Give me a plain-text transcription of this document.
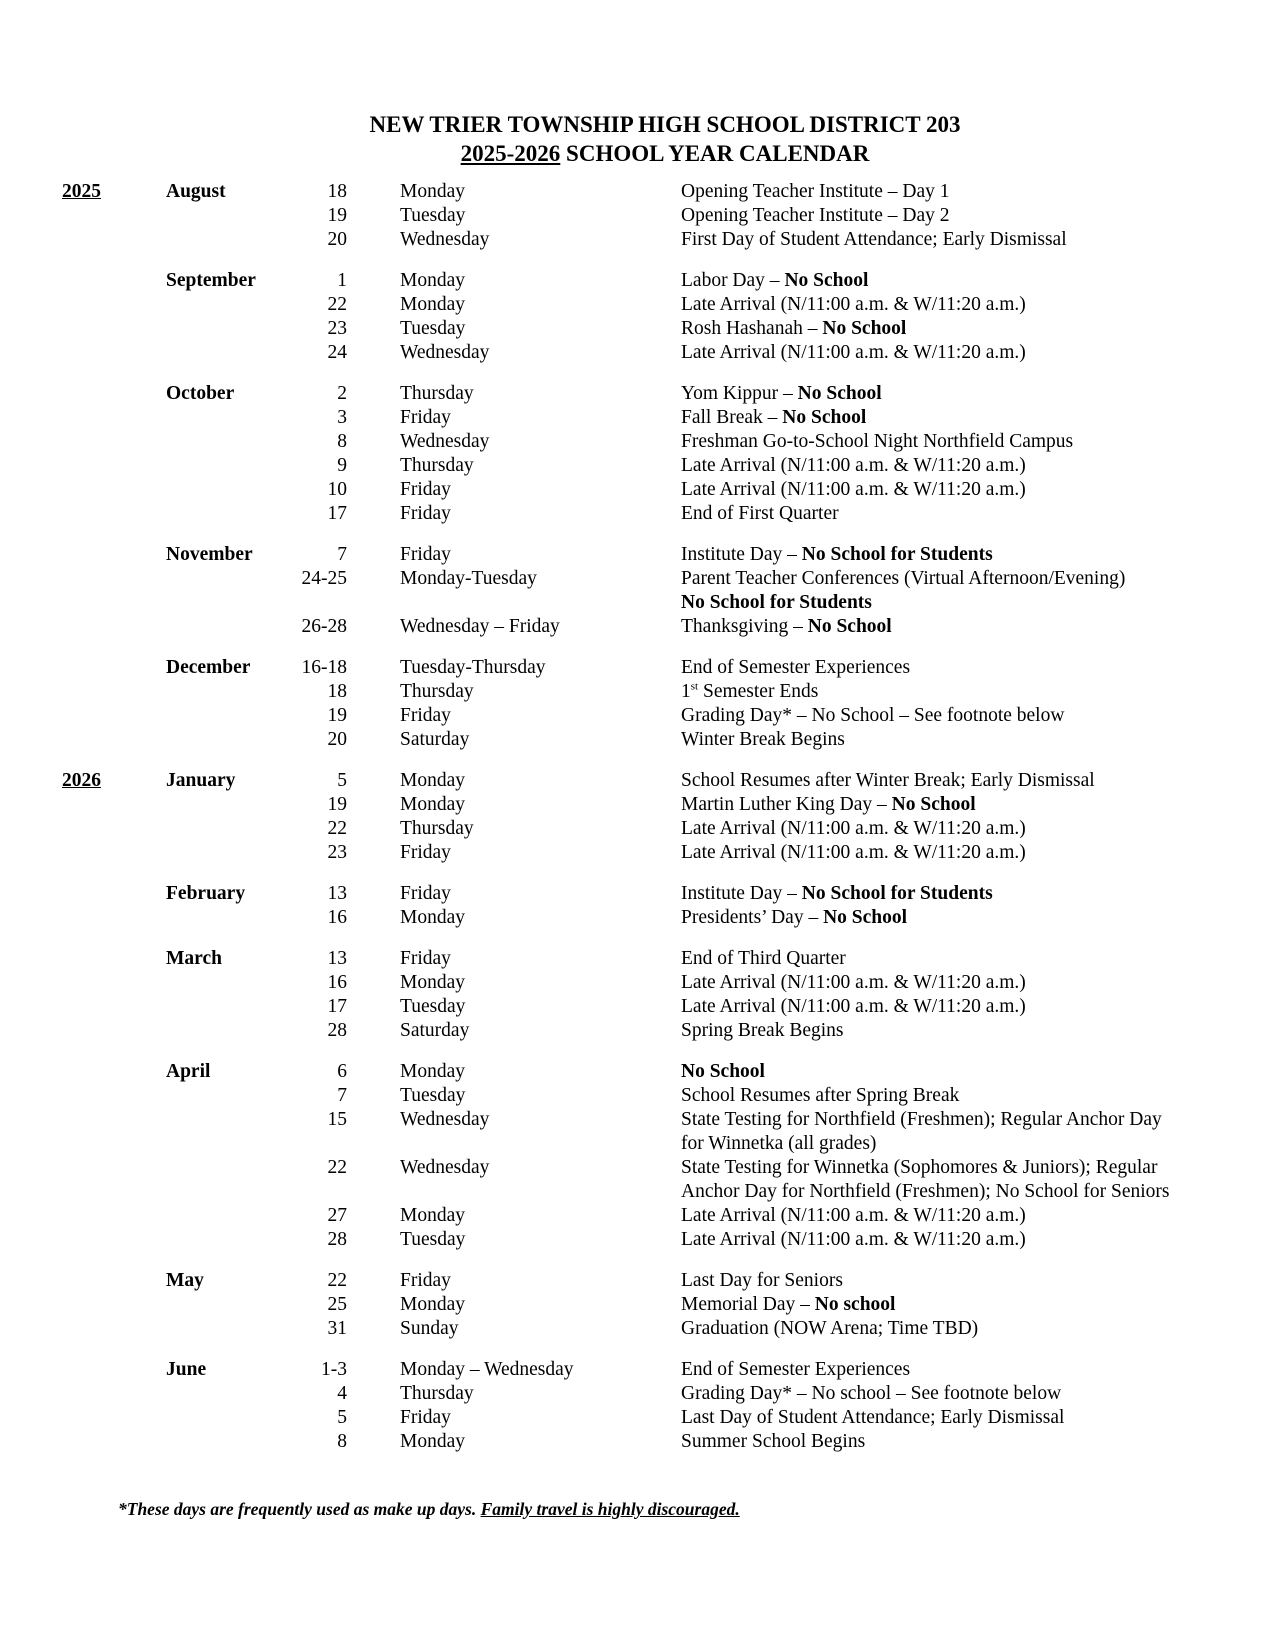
NEW TRIER TOWNSHIP HIGH SCHOOL DISTRICT 203
2025-2026 SCHOOL YEAR CALENDAR
2025	August	18	Monday	Opening Teacher Institute – Day 1
19	Tuesday	Opening Teacher Institute – Day 2
20	Wednesday	First Day of Student Attendance; Early Dismissal
September	1	Monday	Labor Day – No School
22	Monday	Late Arrival (N/11:00 a.m. & W/11:20 a.m.)
23	Tuesday	Rosh Hashanah – No School
24	Wednesday	Late Arrival (N/11:00 a.m. & W/11:20 a.m.)
October	2	Thursday	Yom Kippur – No School
3	Friday	Fall Break – No School
8	Wednesday	Freshman Go-to-School Night Northfield Campus
9	Thursday	Late Arrival (N/11:00 a.m. & W/11:20 a.m.)
10	Friday	Late Arrival (N/11:00 a.m. & W/11:20 a.m.)
17	Friday	End of First Quarter
November	7	Friday	Institute Day – No School for Students
24-25	Monday-Tuesday	Parent Teacher Conferences (Virtual Afternoon/Evening)
No School for Students
26-28	Wednesday – Friday	Thanksgiving – No School
December	16-18	Tuesday-Thursday	End of Semester Experiences
18	Thursday	1st Semester Ends
19	Friday	Grading Day* – No School – See footnote below
20	Saturday	Winter Break Begins
2026	January	5	Monday	School Resumes after Winter Break; Early Dismissal
19	Monday	Martin Luther King Day – No School
22	Thursday	Late Arrival (N/11:00 a.m. & W/11:20 a.m.)
23	Friday	Late Arrival (N/11:00 a.m. & W/11:20 a.m.)
February	13	Friday	Institute Day – No School for Students
16	Monday	Presidents’ Day – No School
March	13	Friday	End of Third Quarter
16	Monday	Late Arrival (N/11:00 a.m. & W/11:20 a.m.)
17	Tuesday	Late Arrival (N/11:00 a.m. & W/11:20 a.m.)
28	Saturday	Spring Break Begins
April	6	Monday	No School
7	Tuesday	School Resumes after Spring Break
15	Wednesday	State Testing for Northfield (Freshmen); Regular Anchor Day
for Winnetka (all grades)
22	Wednesday	State Testing for Winnetka (Sophomores & Juniors); Regular
Anchor Day for Northfield (Freshmen); No School for Seniors
27	Monday	Late Arrival (N/11:00 a.m. & W/11:20 a.m.)
28	Tuesday	Late Arrival (N/11:00 a.m. & W/11:20 a.m.)
May	22	Friday	Last Day for Seniors
25	Monday	Memorial Day – No school
31	Sunday	Graduation (NOW Arena; Time TBD)
June	1-3	Monday – Wednesday	End of Semester Experiences
4	Thursday	Grading Day* – No school – See footnote below
5	Friday	Last Day of Student Attendance; Early Dismissal
8	Monday	Summer School Begins
*These days are frequently used as make up days. Family travel is highly discouraged.
